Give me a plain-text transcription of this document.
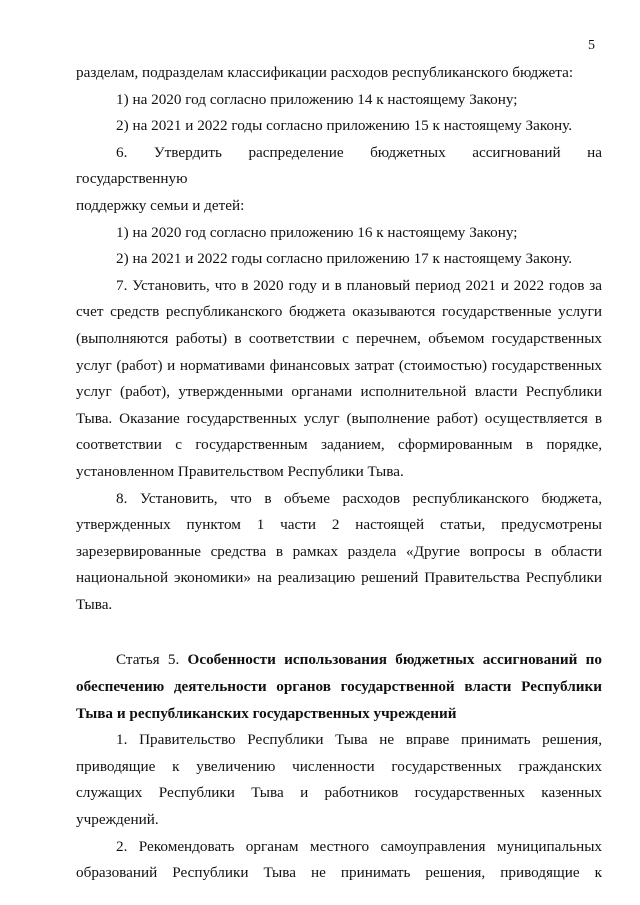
5

разделам, подразделам классификации расходов республиканского бюджета:

1) на 2020 год согласно приложению 14 к настоящему Закону;

2) на 2021 и 2022 годы согласно приложению 15 к настоящему Закону.

6. Утвердить распределение бюджетных ассигнований на государственную

поддержку семьи и детей:

1) на 2020 год согласно приложению 16 к настоящему Закону;

2) на 2021 и 2022 годы согласно приложению 17 к настоящему Закону.

7. Установить, что в 2020 году и в плановый период 2021 и 2022 годов за

счет средств республиканского бюджета оказываются государственные услуги

(выполняются работы) в соответствии с перечнем, объемом государственных

услуг (работ) и нормативами финансовых затрат (стоимостью) государственных

услуг (работ), утвержденными органами исполнительной власти Республики

Тыва. Оказание государственных услуг (выполнение работ) осуществляется в

соответствии с государственным заданием, сформированным в порядке,

установленном Правительством Республики Тыва.

8. Установить, что в объеме расходов республиканского бюджета,

утвержденных пунктом 1 части 2 настоящей статьи, предусмотрены

зарезервированные средства в рамках раздела «Другие вопросы в области

национальной экономики» на реализацию решений Правительства Республики

Тыва.

Статья 5. Особенности использования бюджетных ассигнований по обеспечению деятельности органов государственной власти Республики Тыва и республиканских государственных учреждений

1. Правительство Республики Тыва не вправе принимать решения,

приводящие к увеличению численности государственных гражданских

служащих Республики Тыва и работников государственных казенных

учреждений.

2. Рекомендовать органам местного самоуправления муниципальных

образований Республики Тыва не принимать решения, приводящие к
